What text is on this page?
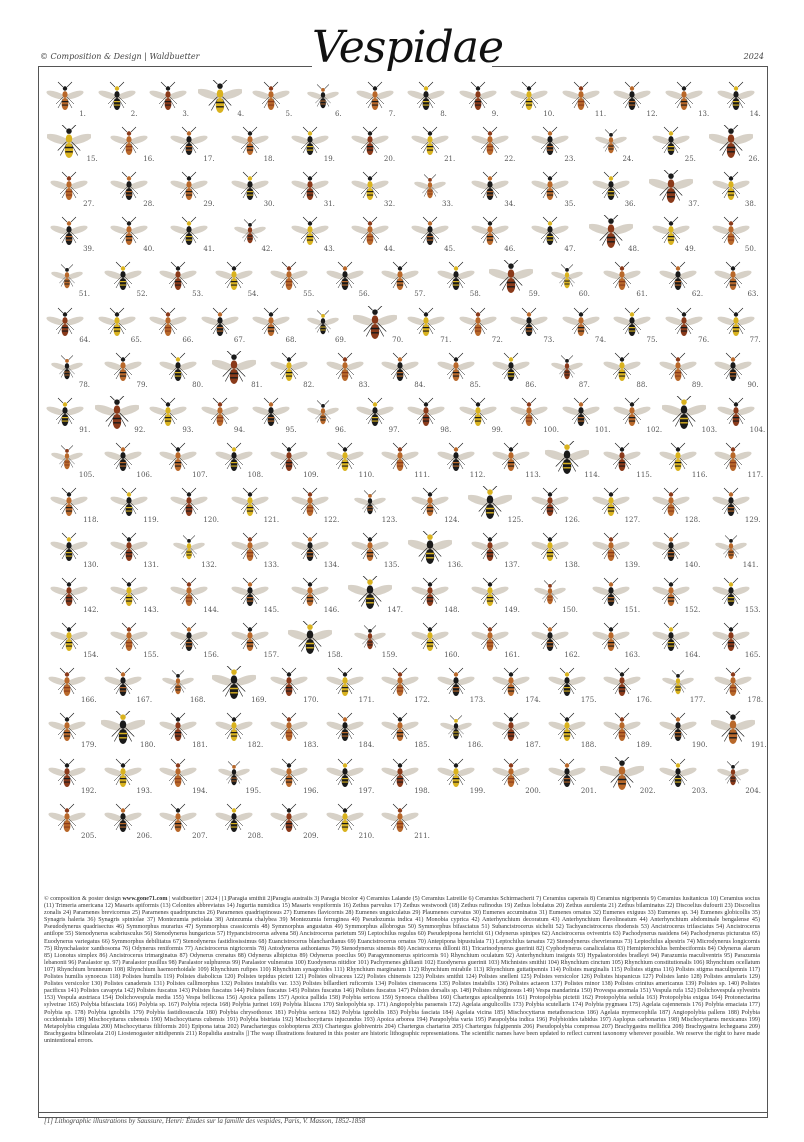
© Composition & Design | Waldbuetter	2024
Vespidae
1.	2.	3.	4.	5.	6.	7.	8.	9.	10.	11.	12.	13.	14.
15.	16.	17.	18.	19.	20.	21.	22.	23.	24.	25.	26.
27.	28.	29.	30.	31.	32.	33.	34.	35.	36.	37.	38.
39.	40.	41.	42.	43.	44.	45.	46.	47.	48.	49.	50.
51.	52.	53.	54.	55.	56.	57.	58.	59.	60.	61.	62.	63.
64.	65.	66.	67.	68.	69.	70.	71.	72.	73.	74.	75.	76.	77.
78.	79.	80.	81.	82.	83.	84.	85.	86.	87.	88.	89.	90.
91.	92.	93.	94.	95.	96.	97.	98.	99.	100.	101.	102.	103.	104.
105.	106.	107.	108.	109.	110.	111.	112.	113.	114.	115.	116.	117.
118.	119.	120.	121.	122.	123.	124.	125.	126.	127.	128.	129.
130.	131.	132.	133.	134.	135.	136.	137.	138.	139.	140.	141.
142.	143.	144.	145.	146.	147.	148.	149.	150.	151.	152.	153.
154.	155.	156.	157.	158.	159.	160.	161.	162.	163.	164.	165.
166.	167.	168.	169.	170.	171.	172.	173.	174.	175.	176.	177.	178.
179.	180.	181.	182.	183.	184.	185.	186.	187.	188.	189.	190.	191.
192.	193.	194.	195.	196.	197.	198.	199.	200.	201.	202.	203.	204.
205.	206.	207.	208.	209.	210.	211.
© composition & poster design www.gone71.com | waldbuetter | 2024 | [1]Paragia smithii 2)Paragia australis 3) Paragia bicolor 4) Ceramius Lalande (5) Ceramius Latreille 6) Ceramius Schirmacherii 7) Ceramius capensis 8) Ceramius nigripennis 9) Ceramius lusitanicus 10) Ceramius socius (11) Trimeria americana 12) Masaris apiformis (13) Celonites abbreviatus 14) Jugurtia numidica 15) Masaris vespiformis 16) Zethus parvulus 17) Zethus westwoodi (18) Zethus rufinodus 19) Zethus lobulatus 20) Zethus aurulenta 21) Zethus bilaminatus 22) Discoelius dufourii 23) Discoelius zonalis 24) Pararnenes brevicornus 25) Pararnenes quadripunctus 26) Pararnenes quadrispinosus 27) Eumenes flavicornis 28) Eumenes unguiculatus 29) Plaumenes curvatus 30) Eumenes accuminatus 31) Eumenes ornatus 32) Eumenes exiguus 33) Eumenes sp. 34) Eumenes globicollis 35) Synagris haleria 36) Synagris spiniolae 37) Montezumia petiolata 38) Antezumia chalybea 39) Montezumia ferruginea 40) Pseudozumia indica 41) Monobia cyprica 42) Anterhynchium decoratum 43) Anterhynchium flavolineatum 44) Anterhynchium abdominale bengalense 45) Pseudodynerus quadrisectus 46) Symmorphus murarius 47) Symmorphus crassicornis 48) Symmorphus angustatus 49) Symmorphus allobrogus 50) Symmorphus bifasciatus 51) Subancistrocerus sichelii 52) Tachyancistrocerus rhodensis 53) Ancistrocerus trifasciatus 54) Ancistrocerus antilope 55) Stenodynerus scabriusculus 56) Stenodynerus hungaricus 57) Hypancistrocerus advena 58) Ancistrocerus parietum 59) Leptochilus regulus 60) Pseudepipona herrichii 61) Odynerus spinipes 62) Ancistrocerus oviventris 63) Pachodynerus nasidens 64) Pachodynerus picturatus 65) Euodynerus variegatus 66) Symmorphus debilitatus 67) Stenodynerus fastidiosissimus 68) Euancistrocerus blanchardianus 69) Euancistrocerus ornatus 70) Antepipona bipustulata 71) Leptochilus tarsatus 72) Stenodynerus chevrieranus 73) Leptochilus alpestris 74) Microdynerus longicornis 75) Rhynchalastor xanthosoma 76) Odynerus reniformis 77) Ancistrocerus nigricornis 78) Antodynerus asthonianus 79) Stenodynerus sinensis 80) Ancistrocerus dillonii 81) Tricarinodynerus guerinii 82) Cyphodynerus canaliculatus 83) Hemipterochilus bembeciformis 84) Odynerus alarum 85) Lionotus simplex 86) Ancistrocerus trimarginatus 87) Odynerus crenatus 88) Odynerus albipictus 89) Odynerus poecilus 90) Paragymnomerus spiricornis 91) Rhynchium oculatum 92) Anterhynchium insignis 93) Hypalastoroides bradleyi 94) Parazumia maculiventris 95) Parazumia lebanonii 96) Paralastor sp. 97) Paralastor pusillus 98) Paralastor sulphureus 99) Paralastor vulneratus 100) Euodynerus nitidior 101) Pachymenes ghilianii 102) Euodynerus guerinii 103) Michnistes smithii 104) Rhynchium cinctum 105) Rhynchium constitutionalis 106) Rhynchium ocellatum 107) Rhynchium brunneum 108) Rhynchium haemorrhoidale 109) Rhynchium rufipes 110) Rhynchium synagroides 111) Rhynchium marginatum 112) Rhynchium mirabile 113) Rhynchium guttatipennis 114) Polistes marginalis 115) Polistes stigma 116) Polistes stigma maculipennis 117) Polistes humilis synoecus 118) Polistes humilis 119) Polistes diabolicus 120) Polistes tepidus picteti 121) Polistes olivaceus 122) Polistes chinensis 123) Polistes smithii 124) Polistes snelleni 125) Polistes versicolor 126) Polistes hispanicus 127) Polistes lanio 128) Polistes annularis 129) Polistes versicolor 130) Polistes canadensis 131) Polistes callimorphus 132) Polistes instabilis var. 133) Polistes billardieri ruficornis 134) Polistes cinerascens 135) Polistes instabilis 136) Polistes actaeon 137) Polistes minor 138) Polistes crinitus americanus 139) Polistes sp. 140) Polistes pacificus 141) Polistes cavapyta 142) Polistes fuscatus 143) Polistes fuscatus 144) Polistes fuscatus 145) Polistes fuscatus 146) Polistes fuscatus 147) Polistes dorsalis sp. 148) Polistes rubiginosus 149) Vespa mandarinia 150) Provespa anomala 151) Vespula rufa 152) Dolichovespula sylvestris 153) Vespula austriaca 154) Dolichovespula media 155) Vespa bellicosa 156) Apoica pallens 157) Apoica pallida 158) Polybia sericea 159) Synoeca chalibea 160) Chartergus apicalipennis 161) Protopolybia pictetii 162) Protopolybia sedula 163) Protopolybia exigua 164) Protonectarina sylveirae 165) Polybia bifasciata 166) Polybia sp. 167) Polybia rejecta 168) Polybia jurinei 169) Polybia liliacea 170) Stelopolybia sp. 171) Angiopolybia paraensis 172) Agelaia angulicollis 173) Polybia scutellaris 174) Polybia pygmaea 175) Agelaia cajennensis 176) Polybia emaciata 177) Polybia sp. 178) Polybia ignobilis 179) Polybia fastidiosuscula 180) Polybia chrysothorax 181) Polybia sericea 182) Polybia ignobilis 183) Polybia fasciata 184) Agelaia vicina 185) Mischocyttarus metathoracicus 186) Agelaia myrmecophila 187) Angiopolybia pallens 188) Polybia occidentalis 189) Mischocyttarus cubensis 190) Mischocyttarus cubensis 191) Polybia bistriata 192) Mischocyttarus injucundus 193) Apoica arborea 194) Parapolybia varia 195) Parapolybia indica 196) Polybioides tabidus 197) Asplopus carbonarius 198) Mischocyttarus mexicanus 199) Metapolybia cingulata 200) Mischocyttarus filiformis 201) Epipona tatua 202) Parachartergus colobopterus 203) Chartergus globiventris 204) Chartergus chartarius 205) Chartergus fulgipennis 206) Pseudopolybia compressa 207) Brachygastra mellifica 208) Brachygastra lecheguana 209) Brachygastra bilineolata 210) Liostenogaster nitidipennis 211) Ropalidia australis |] The wasp illustrations featured in this poster are historic lithographic representations. The scientific names have been updated to reflect current taxonomy wherever possible. We reserve the right to have made unintentional errors.
[1] Lithographic illustrations by Saussure, Henri: Études sur la famille des vespides, Paris, V. Masson, 1852-1858
